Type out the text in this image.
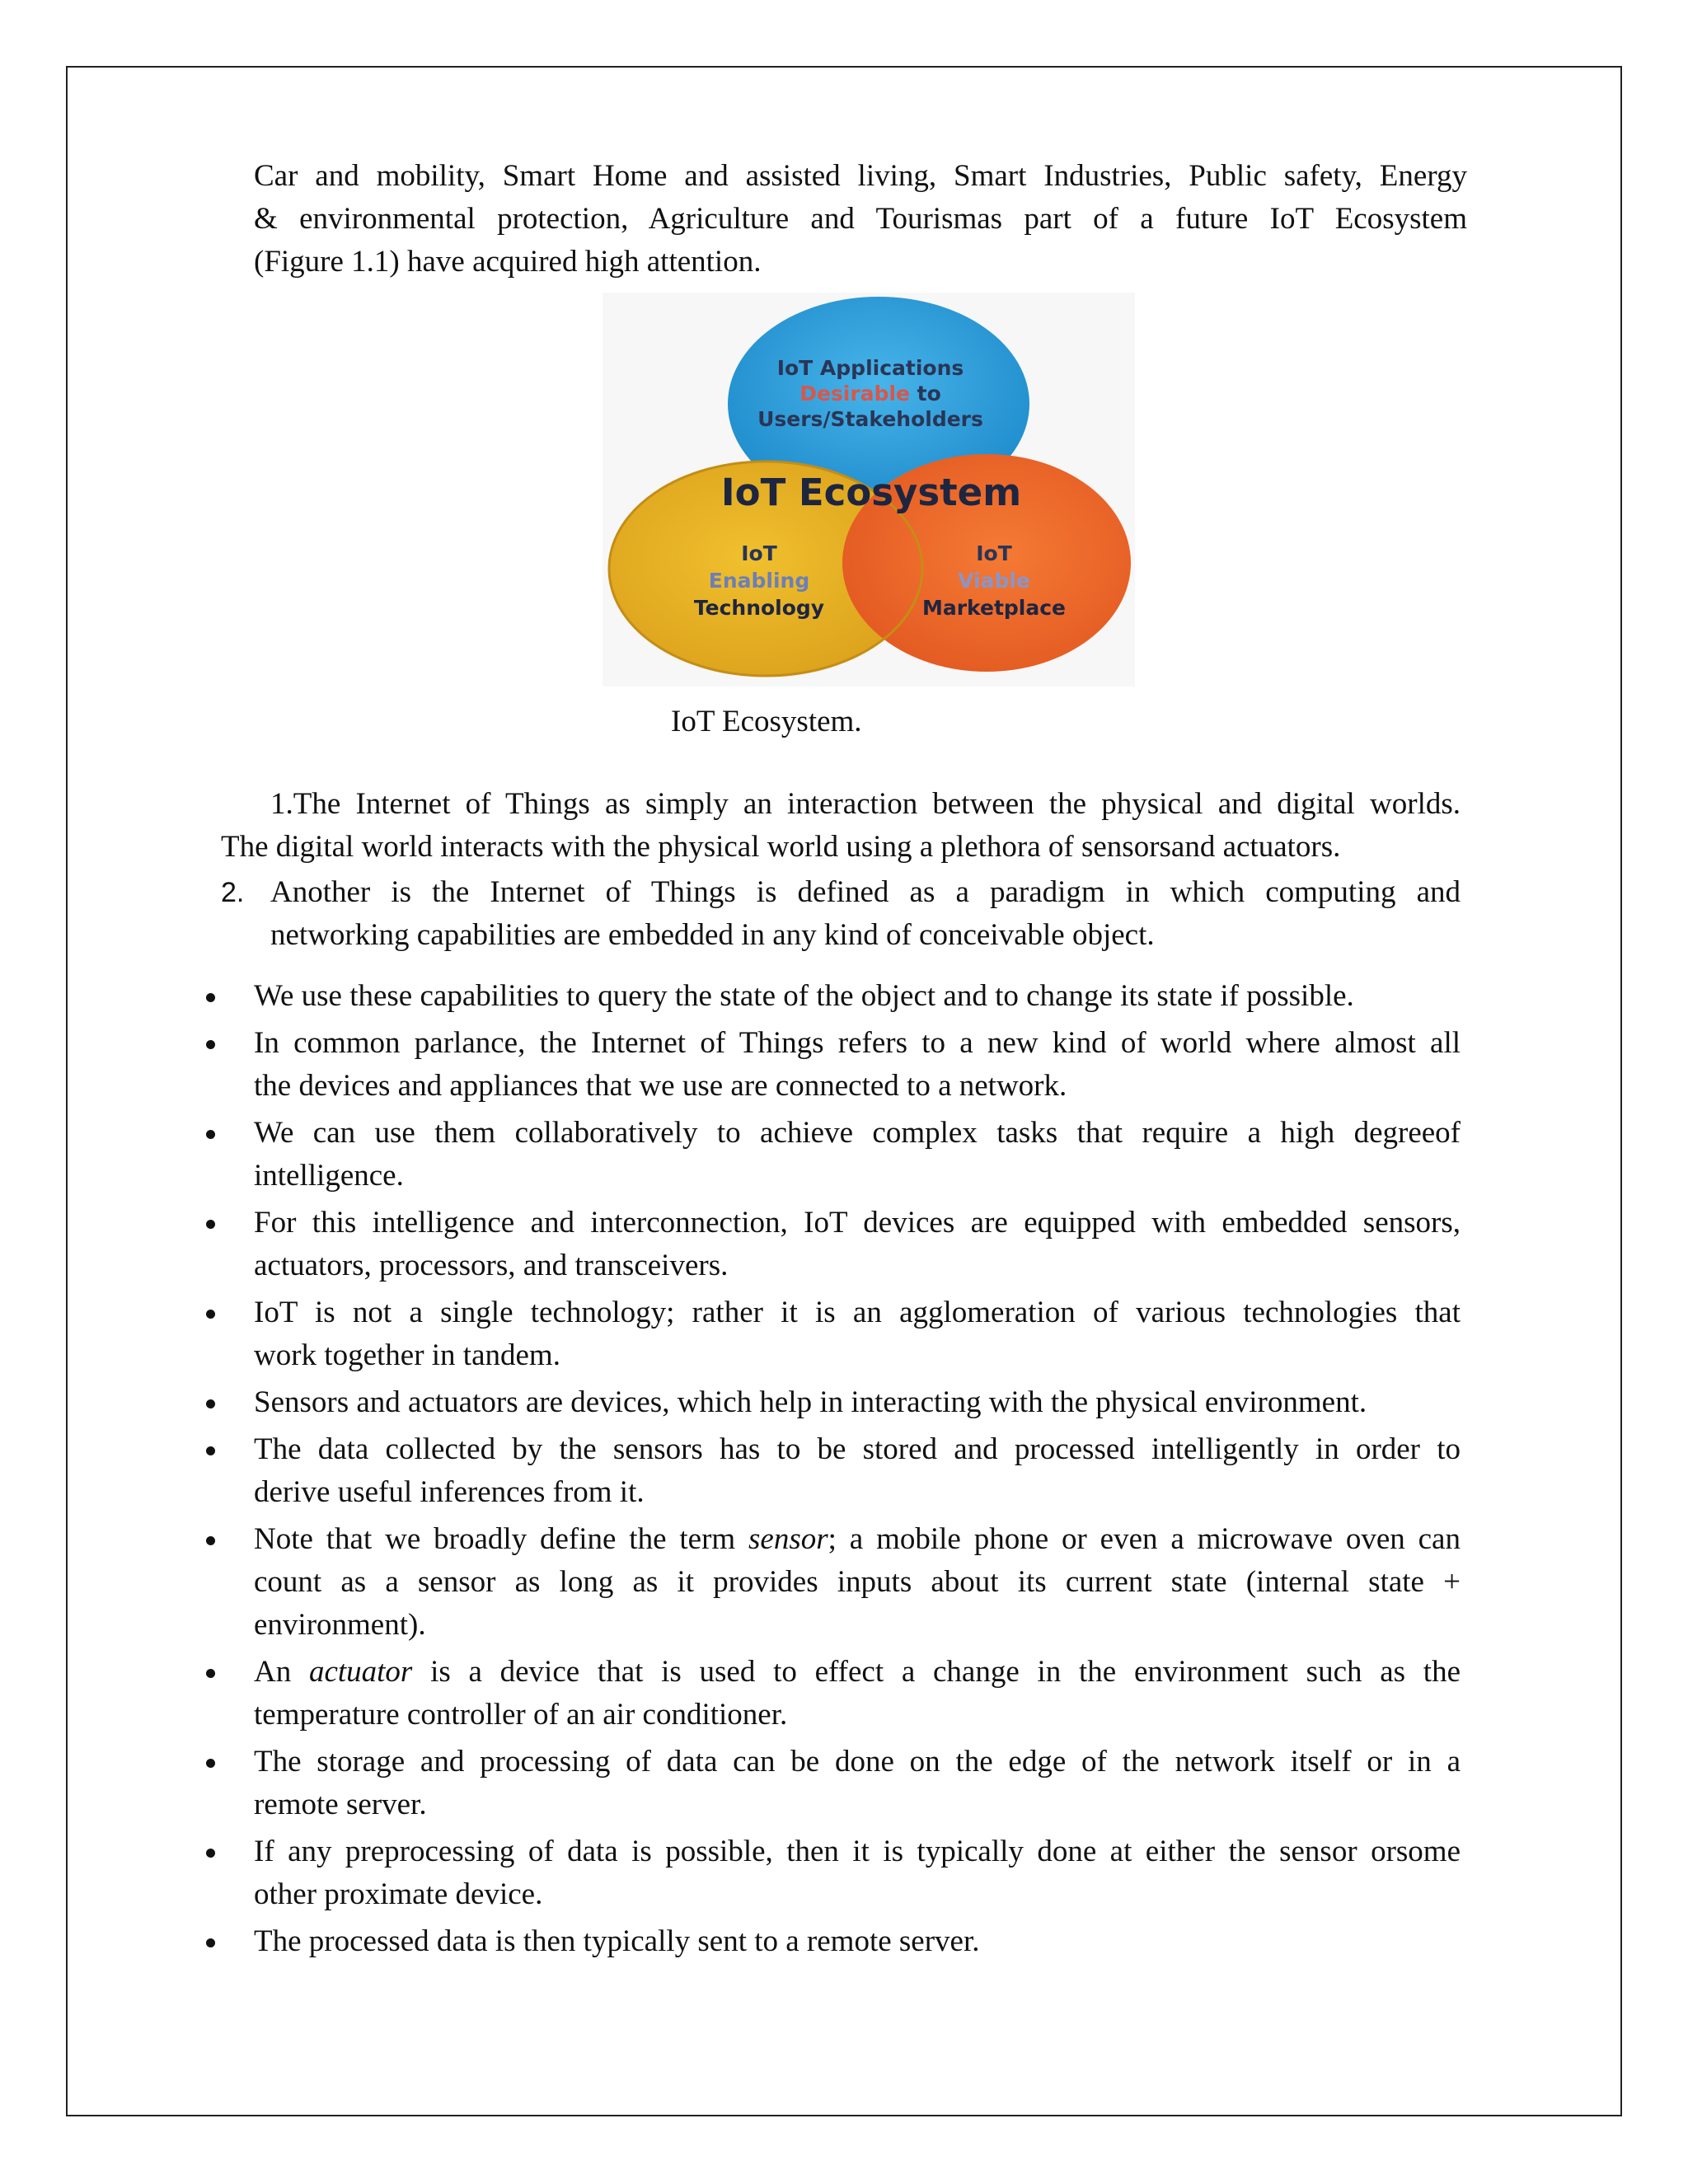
Car and mobility, Smart Home and assisted living, Smart Industries, Public safety, Energy
& environmental protection, Agriculture and Tourismas part of a future IoT Ecosystem
(Figure 1.1) have acquired high attention.
IoT Applications
Desirable to
Users/Stakeholders
IoT Ecosystem
IoT
Enabling
Technology
IoT
Viable
Marketplace
IoT Ecosystem.
1.The Internet of Things as simply an interaction between the physical and digital worlds.
The digital world interacts with the physical world using a plethora of sensorsand actuators.
2. Another is the Internet of Things is defined as a paradigm in which computing and
networking capabilities are embedded in any kind of conceivable object.
We use these capabilities to query the state of the object and to change its state if possible.
In common parlance, the Internet of Things refers to a new kind of world where almost all
the devices and appliances that we use are connected to a network.
We can use them collaboratively to achieve complex tasks that require a high degreeof
intelligence.
For this intelligence and interconnection, IoT devices are equipped with embedded sensors,
actuators, processors, and transceivers.
IoT is not a single technology; rather it is an agglomeration of various technologies that
work together in tandem.
Sensors and actuators are devices, which help in interacting with the physical environment.
The data collected by the sensors has to be stored and processed intelligently in order to
derive useful inferences from it.
Note that we broadly define the term sensor; a mobile phone or even a microwave oven can
count as a sensor as long as it provides inputs about its current state (internal state +
environment).
An actuator is a device that is used to effect a change in the environment such as the
temperature controller of an air conditioner.
The storage and processing of data can be done on the edge of the network itself or in a
remote server.
If any preprocessing of data is possible, then it is typically done at either the sensor orsome
other proximate device.
The processed data is then typically sent to a remote server.
